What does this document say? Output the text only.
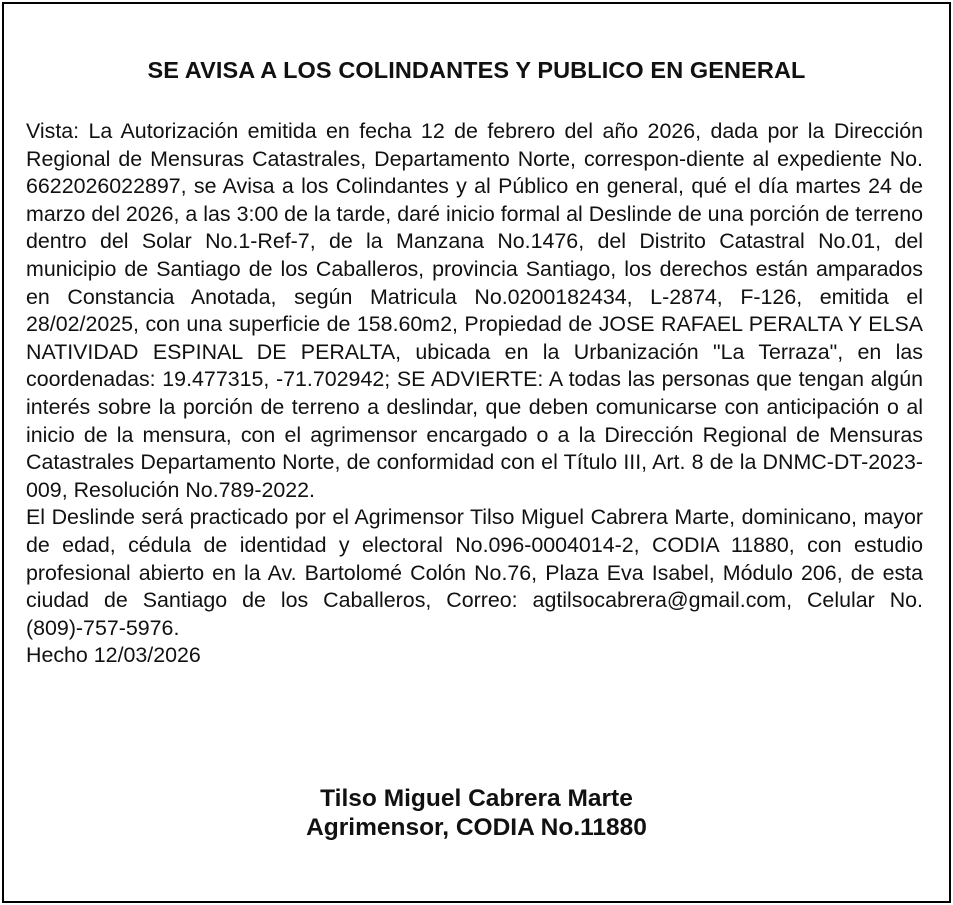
SE AVISA A LOS COLINDANTES Y PUBLICO EN GENERAL

Vista: La Autorización emitida en fecha 12 de febrero del año 2026, dada por la Dirección Regional de Mensuras Catastrales, Departamento Norte, correspon-diente al expediente No. 6622026022897, se Avisa a los Colindantes y al Público en general, qué el día martes 24 de marzo del 2026, a las 3:00 de la tarde, daré inicio formal al Deslinde de una porción de terreno dentro del Solar No.1-Ref-7, de la Manzana No.1476, del Distrito Catastral No.01, del municipio de Santiago de los Caballeros, provincia Santiago, los derechos están amparados en Constancia Anotada, según Matricula No.0200182434, L-2874, F-126, emitida el 28/02/2025, con una superficie de 158.60m2, Propiedad de JOSE RAFAEL PERALTA Y ELSA NATIVIDAD ESPINAL DE PERALTA, ubicada en la Urbanización "La Terraza", en las coordenadas: 19.477315, -71.702942; SE ADVIERTE: A todas las personas que tengan algún interés sobre la porción de terreno a deslindar, que deben comunicarse con anticipación o al inicio de la mensura, con el agrimensor encargado o a la Dirección Regional de Mensuras Catastrales Departamento Norte, de conformidad con el Título III, Art. 8 de la DNMC-DT-2023-009, Resolución No.789-2022.

El Deslinde será practicado por el Agrimensor Tilso Miguel Cabrera Marte, dominicano, mayor de edad, cédula de identidad y electoral No.096-0004014-2, CODIA 11880, con estudio profesional abierto en la Av. Bartolomé Colón No.76, Plaza Eva Isabel, Módulo 206, de esta ciudad de Santiago de los Caballeros, Correo: agtilsocabrera@gmail.com, Celular No. (809)-757-5976.

Hecho 12/03/2026

Tilso Miguel Cabrera Marte
Agrimensor, CODIA No.11880
